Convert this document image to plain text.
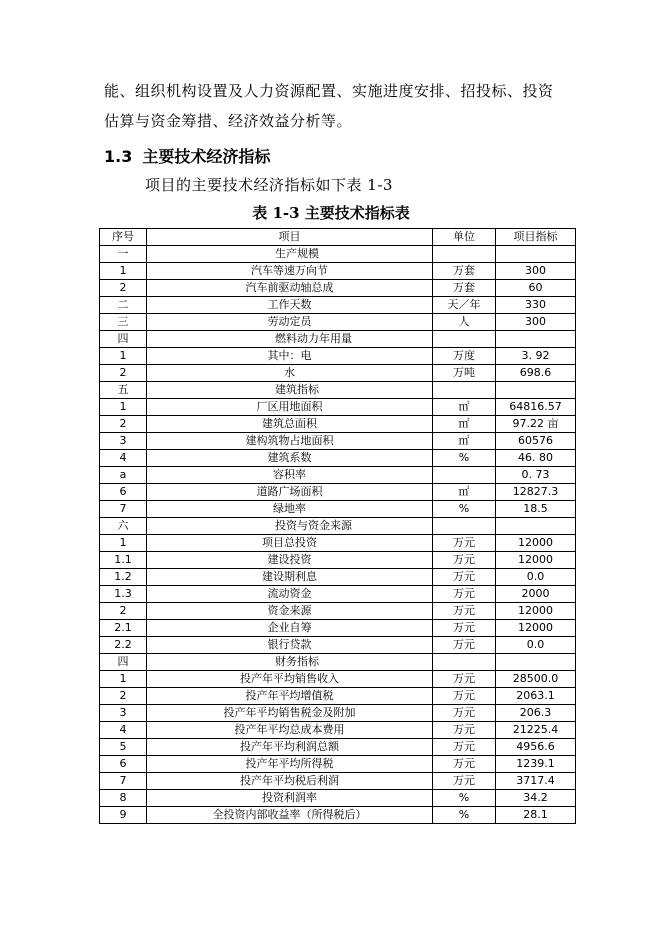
能、组织机构设置及人力资源配置、实施进度安排、招投标、投资
估算与资金筹措、经济效益分析等。
1.3 主要技术经济指标
项目的主要技术经济指标如下表 1-3
表 1-3 主要技术指标表
序号	项目	单位	项目指标
一	生产规模		
1	汽车等速万向节	万套	300
2	汽车前驱动轴总成	万套	60
二	工作天数	天／年	330
三	劳动定员	人	300
四	燃料动力年用量		
1	其中：电	万度	3. 92
2	水	万吨	698.6
五	建筑指标		
1	厂区用地面积	㎡	64816.57
2	建筑总面积	㎡	97.22 亩
3	建构筑物占地面积	㎡	60576
4	建筑系数	%	46. 80
a	容积率		0. 73
6	道路广场面积	㎡	12827.3
7	绿地率	%	18.5
六	投资与资金来源		
1	项目总投资	万元	12000
1.1	建设投资	万元	12000
1.2	建设期利息	万元	0.0
1.3	流动资金	万元	2000
2	资金来源	万元	12000
2.1	企业自筹	万元	12000
2.2	银行贷款	万元	0.0
四	财务指标		
1	投产年平均销售收入	万元	28500.0
2	投产年平均增值税	万元	2063.1
3	投产年平均销售税金及附加	万元	206.3
4	投产年平均总成本费用	万元	21225.4
5	投产年平均利润总额	万元	4956.6
6	投产年平均所得税	万元	1239.1
7	投产年平均税后利润	万元	3717.4
8	投资利润率	%	34.2
9	全投资内部收益率（所得税后）	%	28.1
